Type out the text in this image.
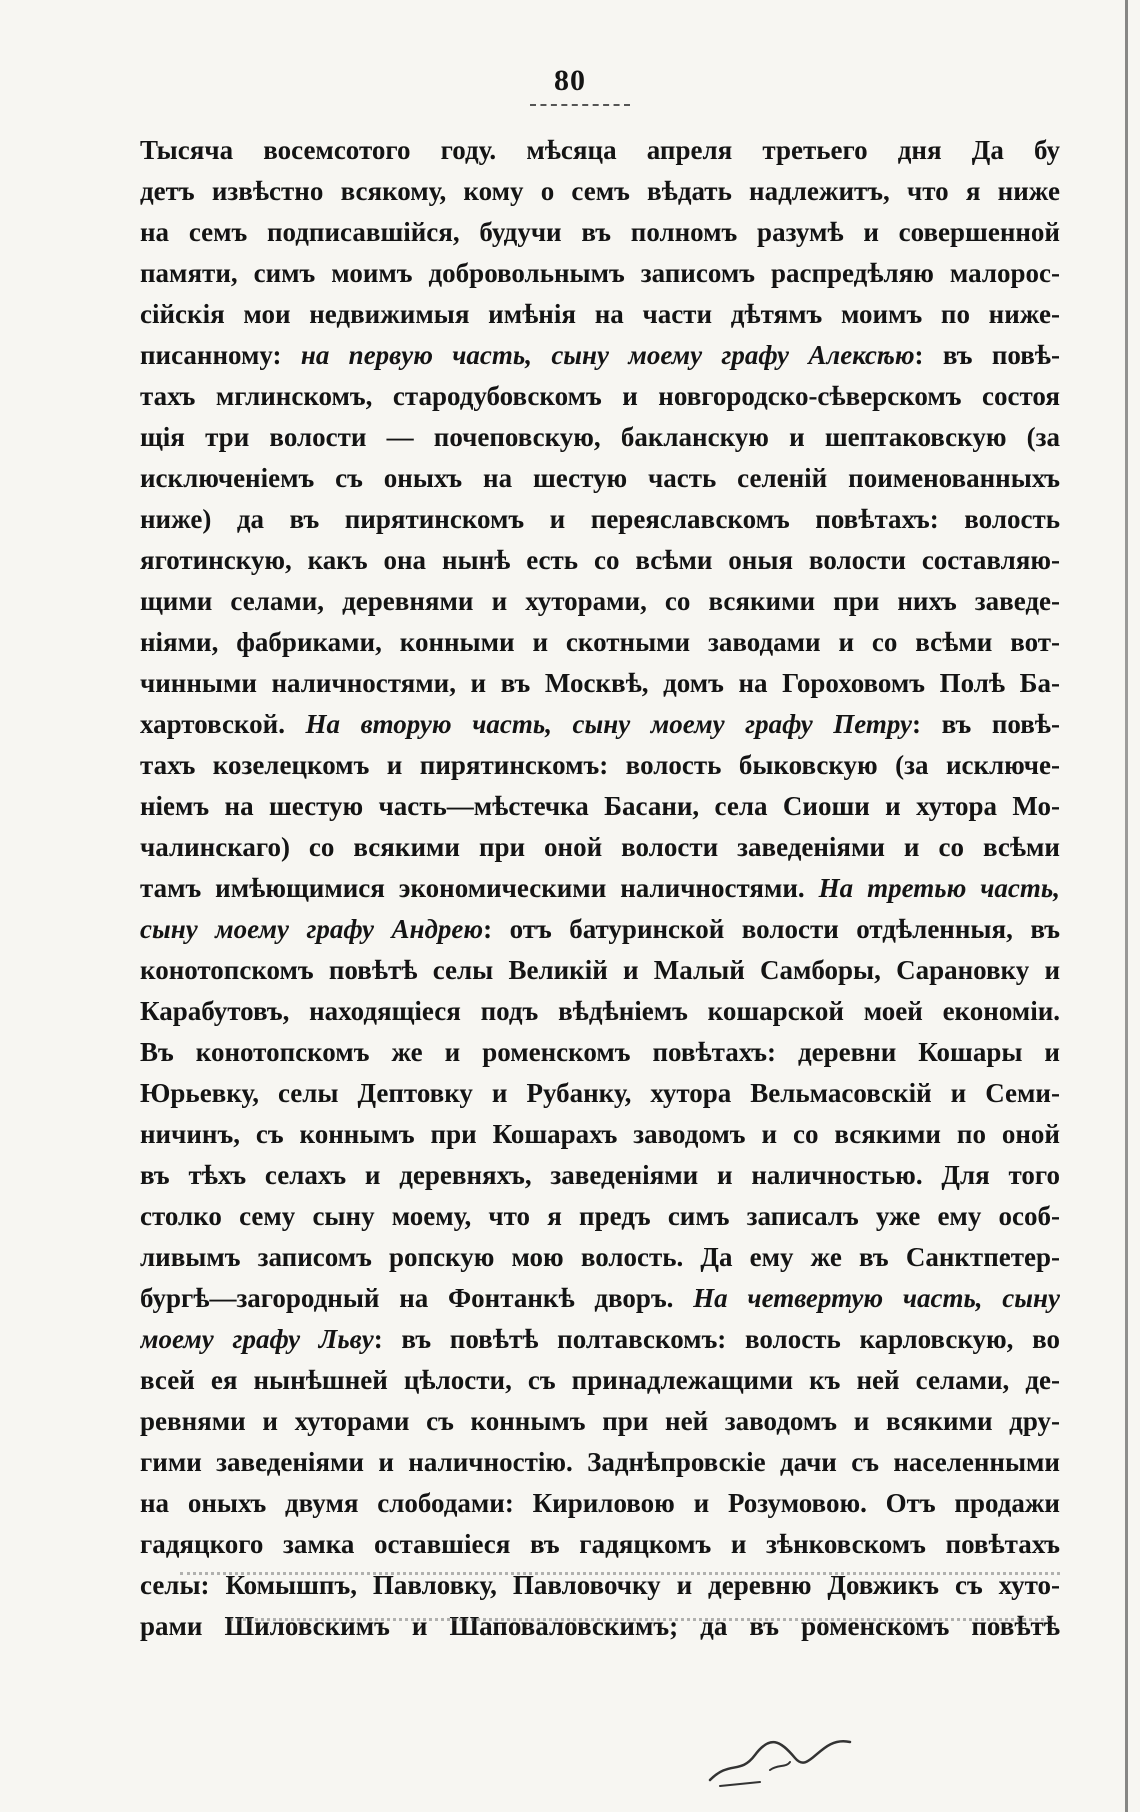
80
Тысяча восемсотого году. мѣсяца апреля третьего дня Да бу
детъ извѣстно всякому, кому о семъ вѣдать надлежитъ, что я ниже
на семъ подписавшійся, будучи въ полномъ разумѣ и совершенной
памяти, симъ моимъ добровольнымъ записомъ распредѣляю малорос-
сійскія мои недвижимыя имѣнія на части дѣтямъ моимъ по ниже-
писанному: на первую часть, сыну моему графу Алексѣю: въ повѣ-
тахъ мглинскомъ, стародубовскомъ и новгородско-сѣверскомъ состоя
щія три волости — почеповскую, бакланскую и шептаковскую (за
исключеніемъ съ оныхъ на шестую часть селеній поименованныхъ
ниже) да въ пирятинскомъ и переяславскомъ повѣтахъ: волость
яготинскую, какъ она нынѣ есть со всѣми оныя волости составляю-
щими селами, деревнями и хуторами, со всякими при нихъ заведе-
ніями, фабриками, конными и скотными заводами и со всѣми вот-
чинными наличностями, и въ Москвѣ, домъ на Гороховомъ Полѣ Ба-
хартовской. На вторую часть, сыну моему графу Петру: въ повѣ-
тахъ козелецкомъ и пирятинскомъ: волость быковскую (за исключе-
ніемъ на шестую часть—мѣстечка Басани, села Сиоши и хутора Мо-
чалинскаго) со всякими при оной волости заведеніями и со всѣми
тамъ имѣющимися экономическими наличностями. На третью часть,
сыну моему графу Андрею: отъ батуринской волости отдѣленныя, въ
конотопскомъ повѣтѣ селы Великій и Малый Самборы, Сарановку и
Карабутовъ, находящіеся подъ вѣдѣніемъ кошарской моей економіи.
Въ конотопскомъ же и роменскомъ повѣтахъ: деревни Кошары и
Юрьевку, селы Дептовку и Рубанку, хутора Вельмасовскій и Семи-
ничинъ, съ коннымъ при Кошарахъ заводомъ и со всякими по оной
въ тѣхъ селахъ и деревняхъ, заведеніями и наличностью. Для того
столко сему сыну моему, что я предъ симъ записалъ уже ему особ-
ливымъ записомъ ропскую мою волость. Да ему же въ Санктпетер-
бургѣ—загородный на Фонтанкѣ дворъ. На четвертую часть, сыну
моему графу Льву: въ повѣтѣ полтавскомъ: волость карловскую, во
всей ея нынѣшней цѣлости, съ принадлежащими къ ней селами, де-
ревнями и хуторами съ коннымъ при ней заводомъ и всякими дру-
гими заведеніями и наличностію. Заднѣпровскіе дачи съ населенными
на оныхъ двумя слободами: Кириловою и Розумовою. Отъ продажи
гадяцкого замка оставшіеся въ гадяцкомъ и зѣнковскомъ повѣтахъ
селы: Комышпъ, Павловку, Павловочку и деревню Довжикъ съ хуто-
рами Шиловскимъ и Шаповаловскимъ; да въ роменскомъ повѣтѣ
